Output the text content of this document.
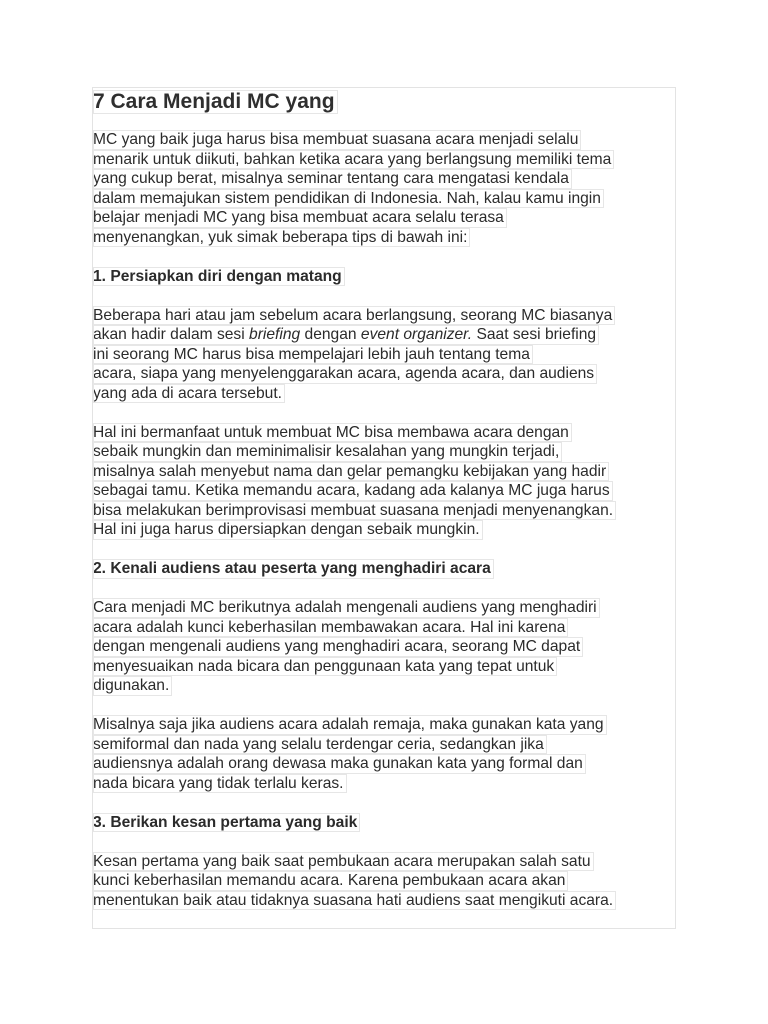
7 Cara Menjadi MC yang
MC yang baik juga harus bisa membuat suasana acara menjadi selalu
menarik untuk diikuti, bahkan ketika acara yang berlangsung memiliki tema
yang cukup berat, misalnya seminar tentang cara mengatasi kendala
dalam memajukan sistem pendidikan di Indonesia. Nah, kalau kamu ingin
belajar menjadi MC yang bisa membuat acara selalu terasa
menyenangkan, yuk simak beberapa tips di bawah ini:
1. Persiapkan diri dengan matang
Beberapa hari atau jam sebelum acara berlangsung, seorang MC biasanya
akan hadir dalam sesi briefing dengan event organizer. Saat sesi briefing
ini seorang MC harus bisa mempelajari lebih jauh tentang tema
acara, siapa yang menyelenggarakan acara, agenda acara, dan audiens
yang ada di acara tersebut.
Hal ini bermanfaat untuk membuat MC bisa membawa acara dengan
sebaik mungkin dan meminimalisir kesalahan yang mungkin terjadi,
misalnya salah menyebut nama dan gelar pemangku kebijakan yang hadir
sebagai tamu. Ketika memandu acara, kadang ada kalanya MC juga harus
bisa melakukan berimprovisasi membuat suasana menjadi menyenangkan.
Hal ini juga harus dipersiapkan dengan sebaik mungkin.
2. Kenali audiens atau peserta yang menghadiri acara
Cara menjadi MC berikutnya adalah mengenali audiens yang menghadiri
acara adalah kunci keberhasilan membawakan acara. Hal ini karena
dengan mengenali audiens yang menghadiri acara, seorang MC dapat
menyesuaikan nada bicara dan penggunaan kata yang tepat untuk
digunakan.
Misalnya saja jika audiens acara adalah remaja, maka gunakan kata yang
semiformal dan nada yang selalu terdengar ceria, sedangkan jika
audiensnya adalah orang dewasa maka gunakan kata yang formal dan
nada bicara yang tidak terlalu keras.
3. Berikan kesan pertama yang baik
Kesan pertama yang baik saat pembukaan acara merupakan salah satu
kunci keberhasilan memandu acara. Karena pembukaan acara akan
menentukan baik atau tidaknya suasana hati audiens saat mengikuti acara.
